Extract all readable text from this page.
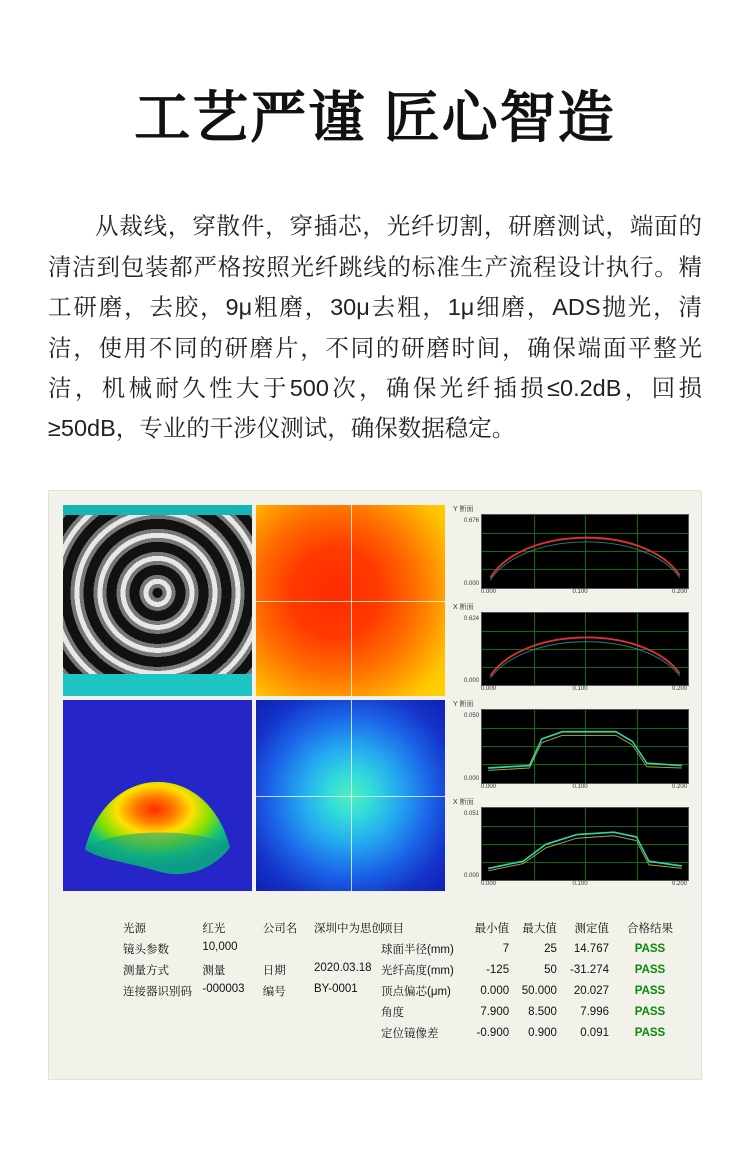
工艺严谨 匠心智造

从裁线，穿散件，穿插芯，光纤切割，研磨测试，端面的清洁到包装都严格按照光纤跳线的标准生产流程设计执行。精工研磨，去胶，9μ粗磨，30μ去粗，1μ细磨，ADS抛光，清洁，使用不同的研磨片，不同的研磨时间，确保端面平整光洁，机械耐久性大于500次，确保光纤插损≤0.2dB，回损≥50dB，专业的干涉仪测试，确保数据稳定。

Y 断面
0.676
0.000
0.000	0.100	0.200
X 断面
0.624
0.000
0.000	0.100	0.200
Y 断面
0.050
0.000
0.000	0.100	0.200
X 断面
0.051
0.000
0.000	0.100	0.200
光源	红光	公司名	深圳中为思创
镜头参数	10,000		
测量方式	测量	日期	2020.03.18
连接器识别码	-000003	编号	BY-0001
项目	最小值	最大值	测定值	合格结果
球面半径(mm)	7	25	14.767	PASS
光纤高度(mm)	-125	50	-31.274	PASS
顶点偏芯(μm)	0.000	50.000	20.027	PASS
角度	7.900	8.500	7.996	PASS
定位镜像差	-0.900	0.900	0.091	PASS
